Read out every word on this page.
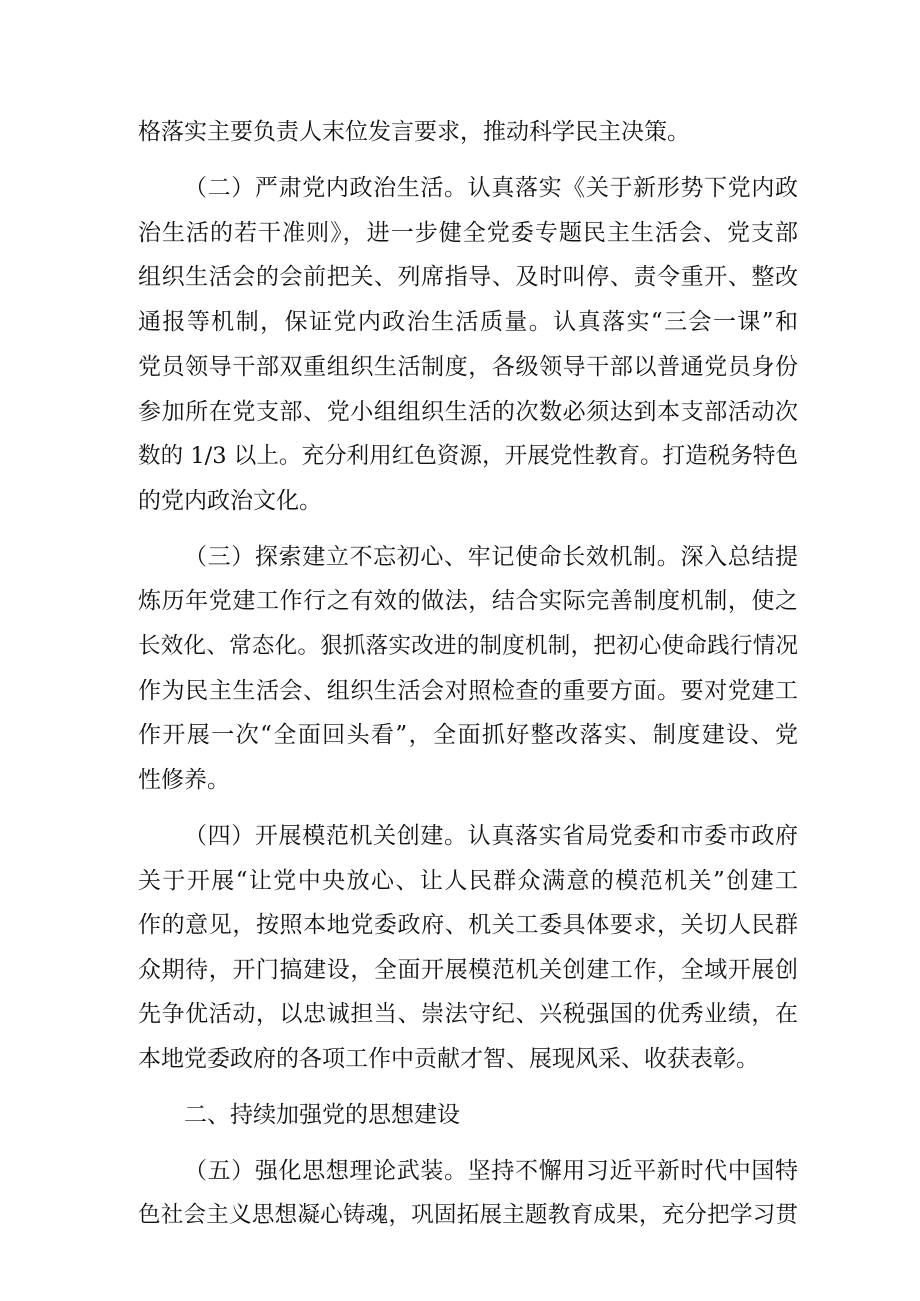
格落实主要负责人末位发言要求，推动科学民主决策。

（二）严肃党内政治生活。认真落实《关于新形势下党内政

治生活的若干准则》，进一步健全党委专题民主生活会、党支部

组织生活会的会前把关、列席指导、及时叫停、责令重开、整改

通报等机制，保证党内政治生活质量。认真落实“三会一课”和

党员领导干部双重组织生活制度，各级领导干部以普通党员身份

参加所在党支部、党小组组织生活的次数必须达到本支部活动次

数的 1/3 以上。充分利用红色资源，开展党性教育。打造税务特色

的党内政治文化。

（三）探索建立不忘初心、牢记使命长效机制。深入总结提

炼历年党建工作行之有效的做法，结合实际完善制度机制，使之

长效化、常态化。狠抓落实改进的制度机制，把初心使命践行情况

作为民主生活会、组织生活会对照检查的重要方面。要对党建工

作开展一次“全面回头看”，全面抓好整改落实、制度建设、党

性修养。

（四）开展模范机关创建。认真落实省局党委和市委市政府

关于开展“让党中央放心、让人民群众满意的模范机关”创建工

作的意见，按照本地党委政府、机关工委具体要求，关切人民群

众期待，开门搞建设，全面开展模范机关创建工作，全域开展创

先争优活动，以忠诚担当、崇法守纪、兴税强国的优秀业绩，在

本地党委政府的各项工作中贡献才智、展现风采、收获表彰。

二、持续加强党的思想建设

（五）强化思想理论武装。坚持不懈用习近平新时代中国特

色社会主义思想凝心铸魂，巩固拓展主题教育成果，充分把学习贯
